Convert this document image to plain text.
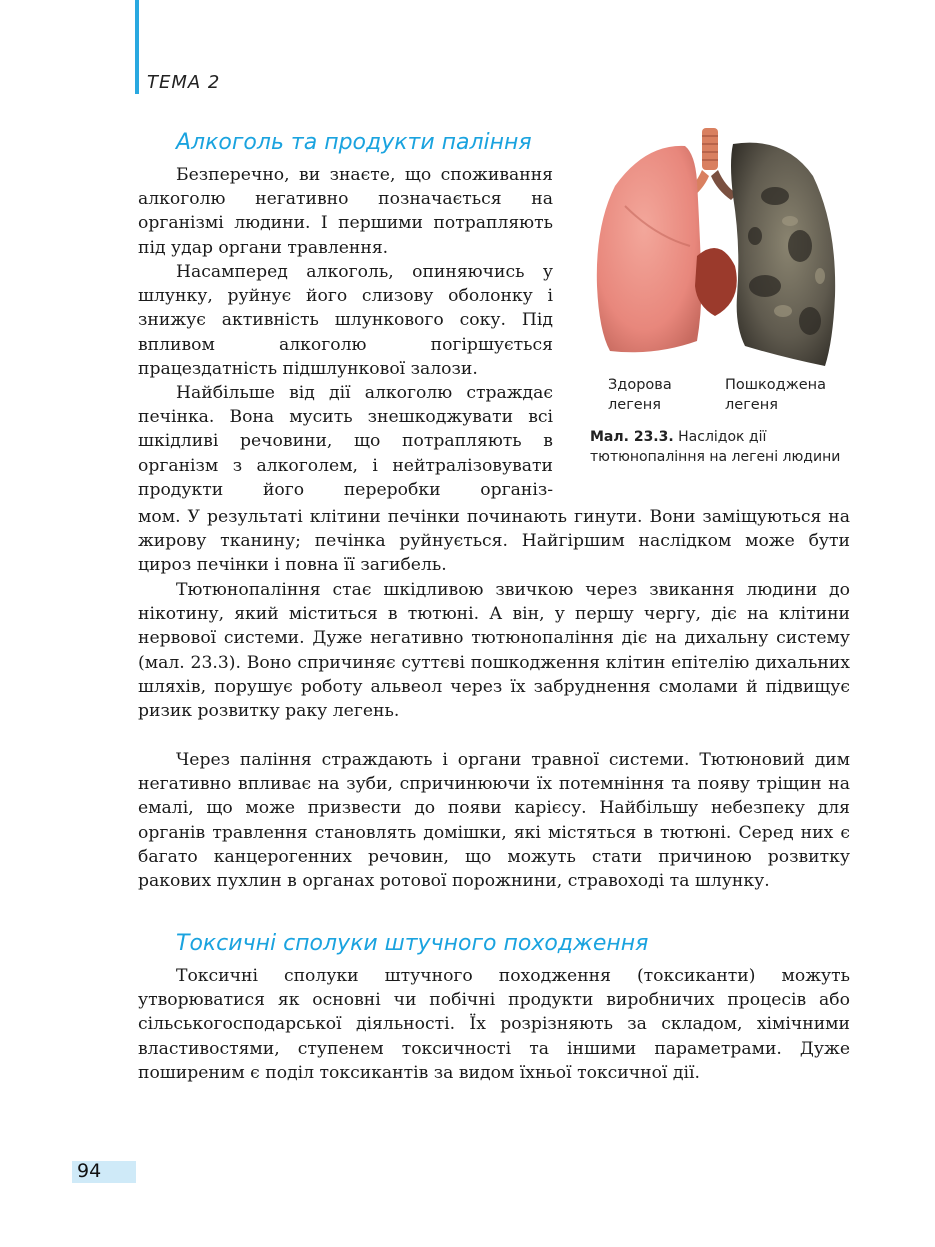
ТЕМА 2
Алкоголь та продукти паління

Безперечно, ви знаєте, що споживання алкоголю негативно позначається на організмі людини. І першими потрапляють під удар органи травлення.

Насамперед алкоголь, опиняючись у шлунку, руйнує його слизову оболонку і знижує активність шлункового соку. Під впливом алкоголю погіршується працездатність підшлункової залози.

Найбільше від дії алкоголю страждає печінка. Вона мусить знешкоджувати всі шкідливі речовини, що потрапляють в організм з алкоголем, і нейтралізовувати продукти його переробки організ-

мом. У результаті клітини печінки починають гинути. Вони заміщуються на жирову тканину; печінка руйнується. Найгіршим наслідком може бути цироз печінки і повна її загибель.

Тютюнопаління стає шкідливою звичкою через звикання людини до нікотину, який міститься в тютюні. А він, у першу чергу, діє на клітини нервової системи. Дуже негативно тютюнопаління діє на дихальну систему (мал. 23.3). Воно спричиняє суттєві пошкодження клітин епітелію дихальних шляхів, порушує роботу альвеол через їх забруднення смолами й підвищує ризик розвитку раку легень.

Через паління страждають і органи травної системи. Тютюновий дим негативно впливає на зуби, спричинюючи їх потемніння та появу тріщин на емалі, що може призвести до появи карієсу. Найбільшу небезпеку для органів травлення становлять домішки, які містяться в тютюні. Серед них є багато канцерогенних речовин, що можуть стати причиною розвитку ракових пухлин в органах ротової порожнини, стравоході та шлунку.

Токсичні сполуки штучного походження

Токсичні сполуки штучного походження (токсиканти) можуть утворюватися як основні чи побічні продукти виробничих процесів або сільськогосподарської діяльності. Їх розрізняють за складом, хімічними властивостями, ступенем токсичності та іншими параметрами. Дуже поширеним є поділ токсикантів за видом їхньої токсичної дії.

Здорова
легеня
Пошкоджена
легеня
Мал. 23.3. Наслідок дії тютюнопаління на легені людини
94
